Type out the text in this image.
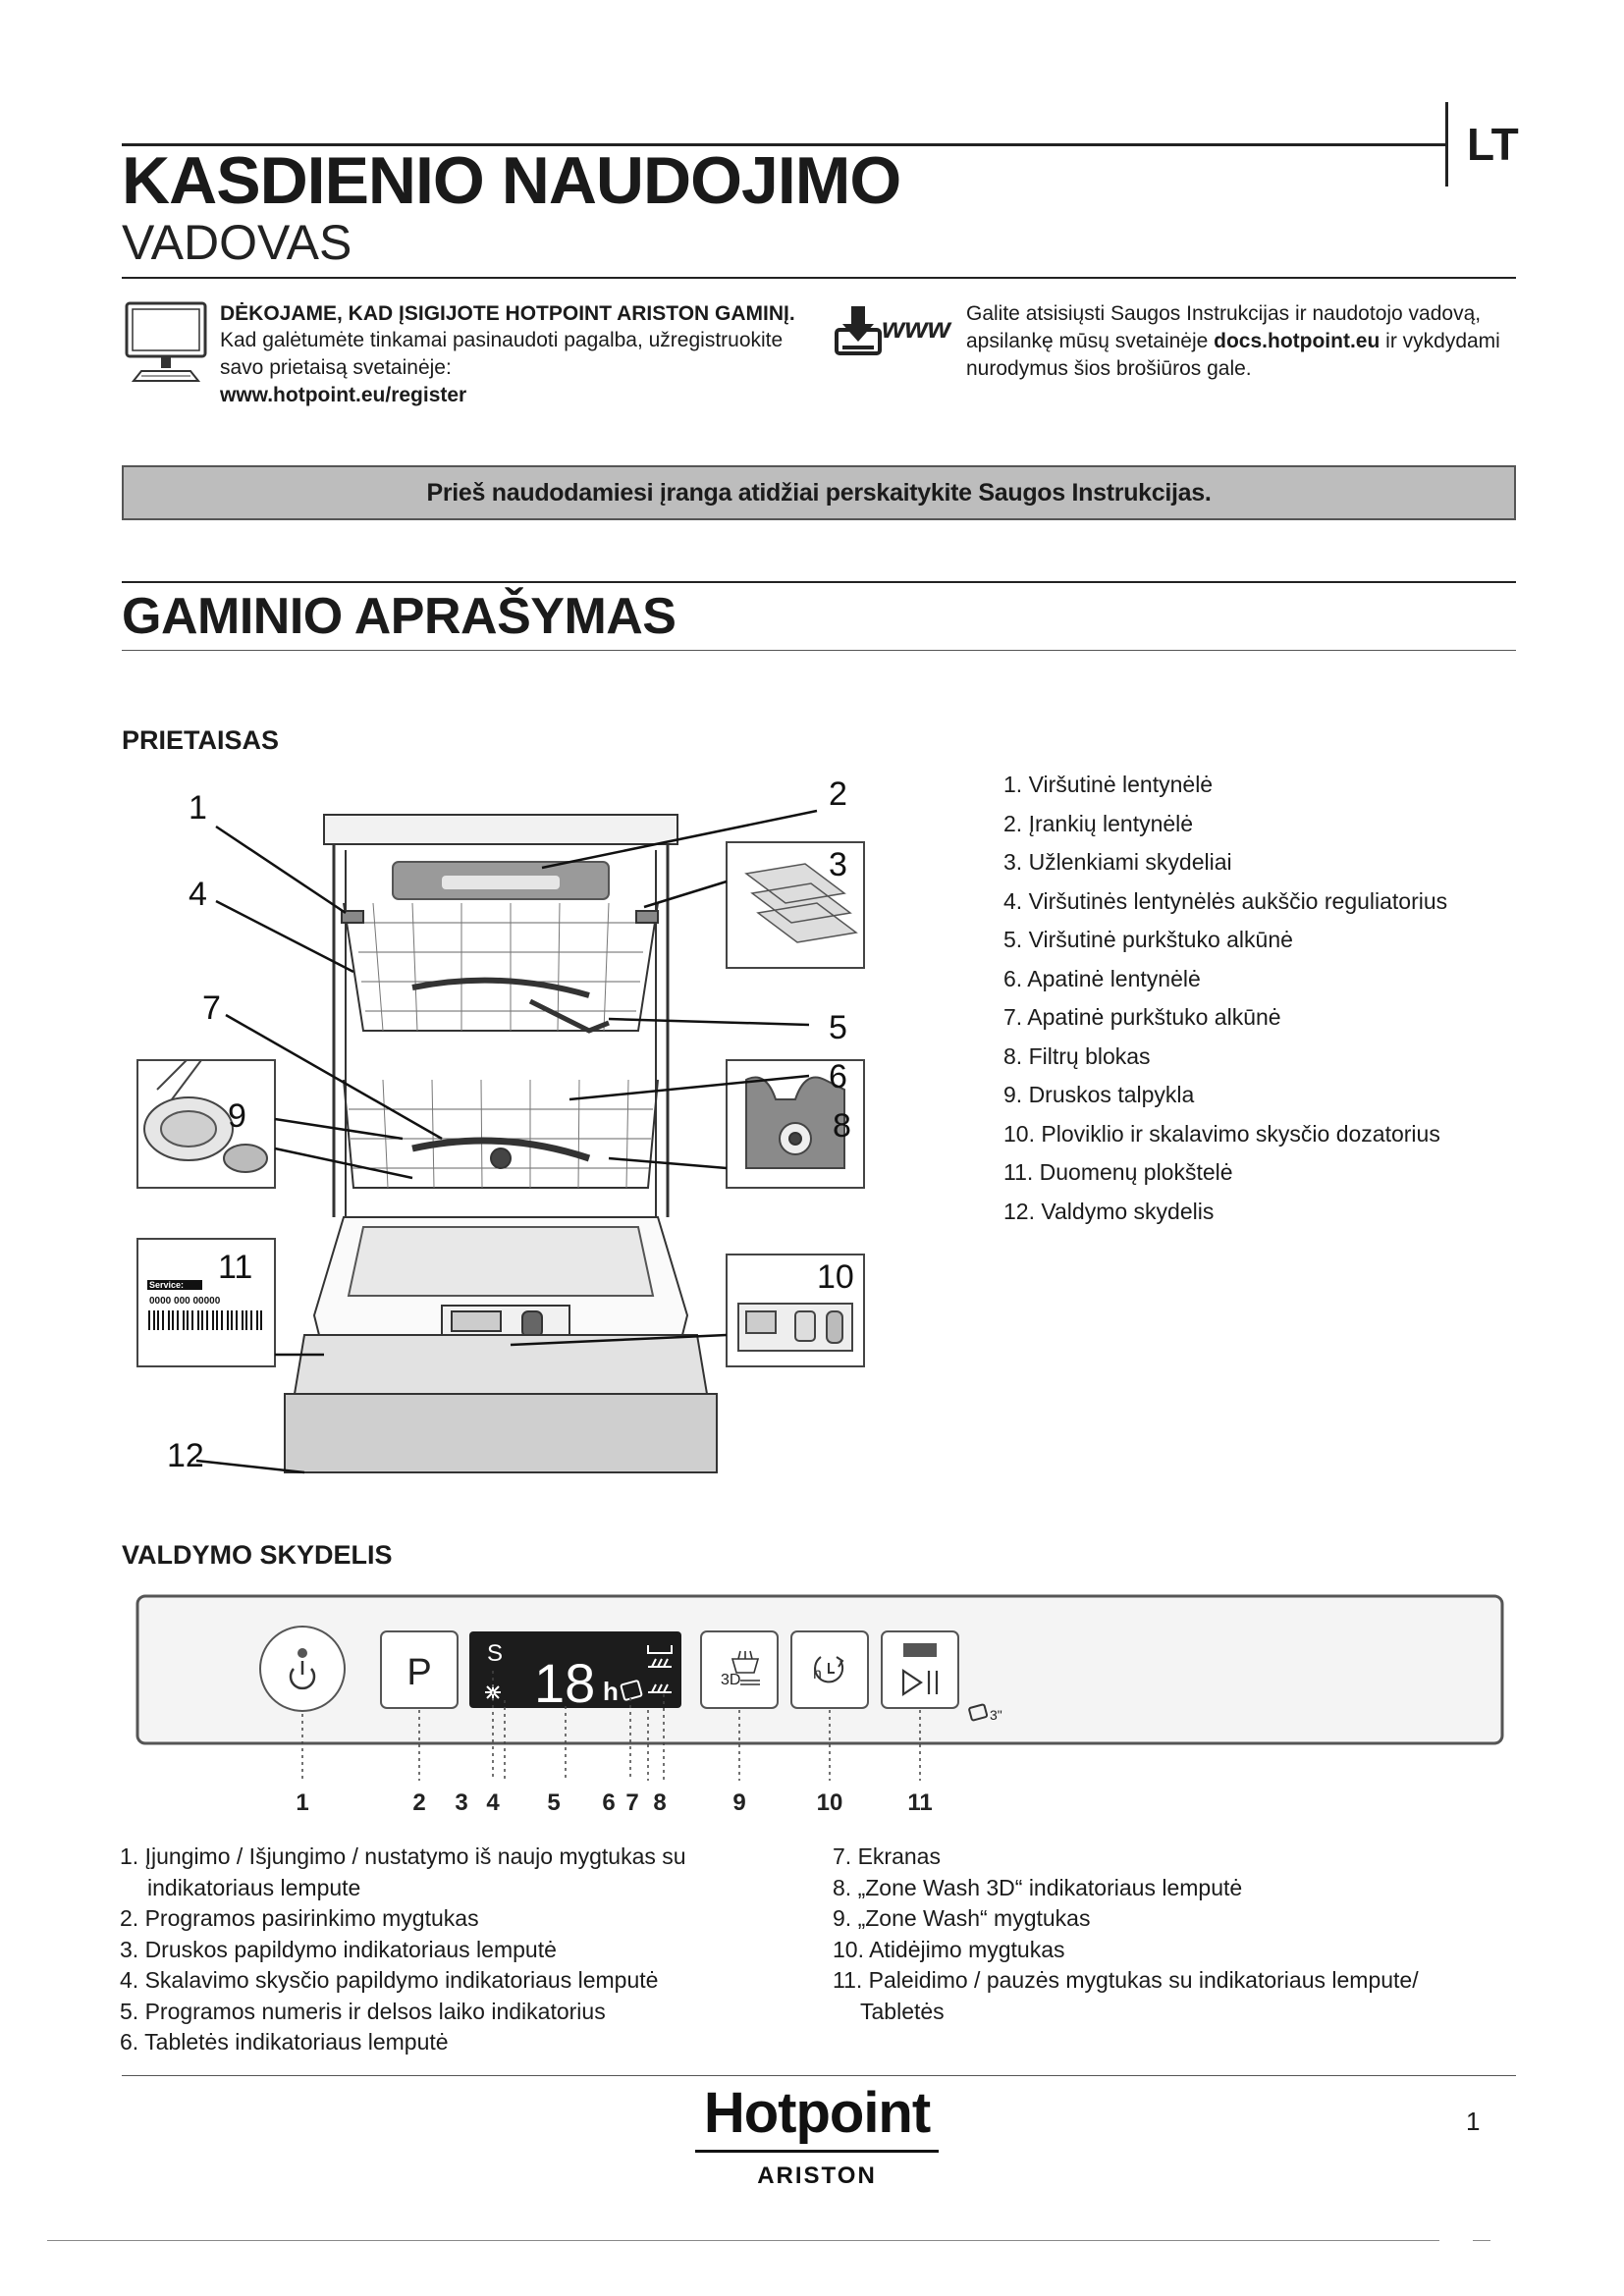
KASDIENIO NAUDOJIMO
VADOVAS
LT
DĖKOJAME, KAD ĮSIGIJOTE HOTPOINT ARISTON GAMINĮ.
Kad galėtumėte tinkamai pasinaudoti pagalba, užregistruokite savo prietaisą svetainėje:
www.hotpoint.eu/register
www Galite atsisiųsti Saugos Instrukcijas ir naudotojo vadovą, apsilankę mūsų svetainėje docs.hotpoint.eu ir vykdydami nurodymus šios brošiūros gale.
Prieš naudodamiesi įranga atidžiai perskaitykite Saugos Instrukcijas.
GAMINIO APRAŠYMAS
PRIETAISAS
Service:
0000 000 00000
1	2
3
4
5
6
7
8
9
10
11
12
1. Viršutinė lentynėlė
2. Įrankių lentynėlė
3. Užlenkiami skydeliai
4. Viršutinės lentynėlės aukščio reguliatorius
5. Viršutinė purkštuko alkūnė
6. Apatinė lentynėlė
7. Apatinė purkštuko alkūnė
8. Filtrų blokas
9. Druskos talpykla
10. Ploviklio ir skalavimo skysčio dozatorius
11. Duomenų plokštelė
12. Valdymo skydelis
VALDYMO SKYDELIS
P S 18 h	3D	h
3"
1	2 3 4 5 6 7 8	9	10	11
1. Įjungimo / Išjungimo / nustatymo iš naujo mygtukas su indikatoriaus lempute
2. Programos pasirinkimo mygtukas
3. Druskos papildymo indikatoriaus lemputė
4. Skalavimo skysčio papildymo indikatoriaus lemputė
5. Programos numeris ir delsos laiko indikatorius
6. Tabletės indikatoriaus lemputė
7. Ekranas
8. „Zone Wash 3D“ indikatoriaus lemputė
9. „Zone Wash“ mygtukas
10. Atidėjimo mygtukas
11. Paleidimo / pauzės mygtukas su indikatoriaus lempute/ Tabletės
Hotpoint
ARISTON
1
